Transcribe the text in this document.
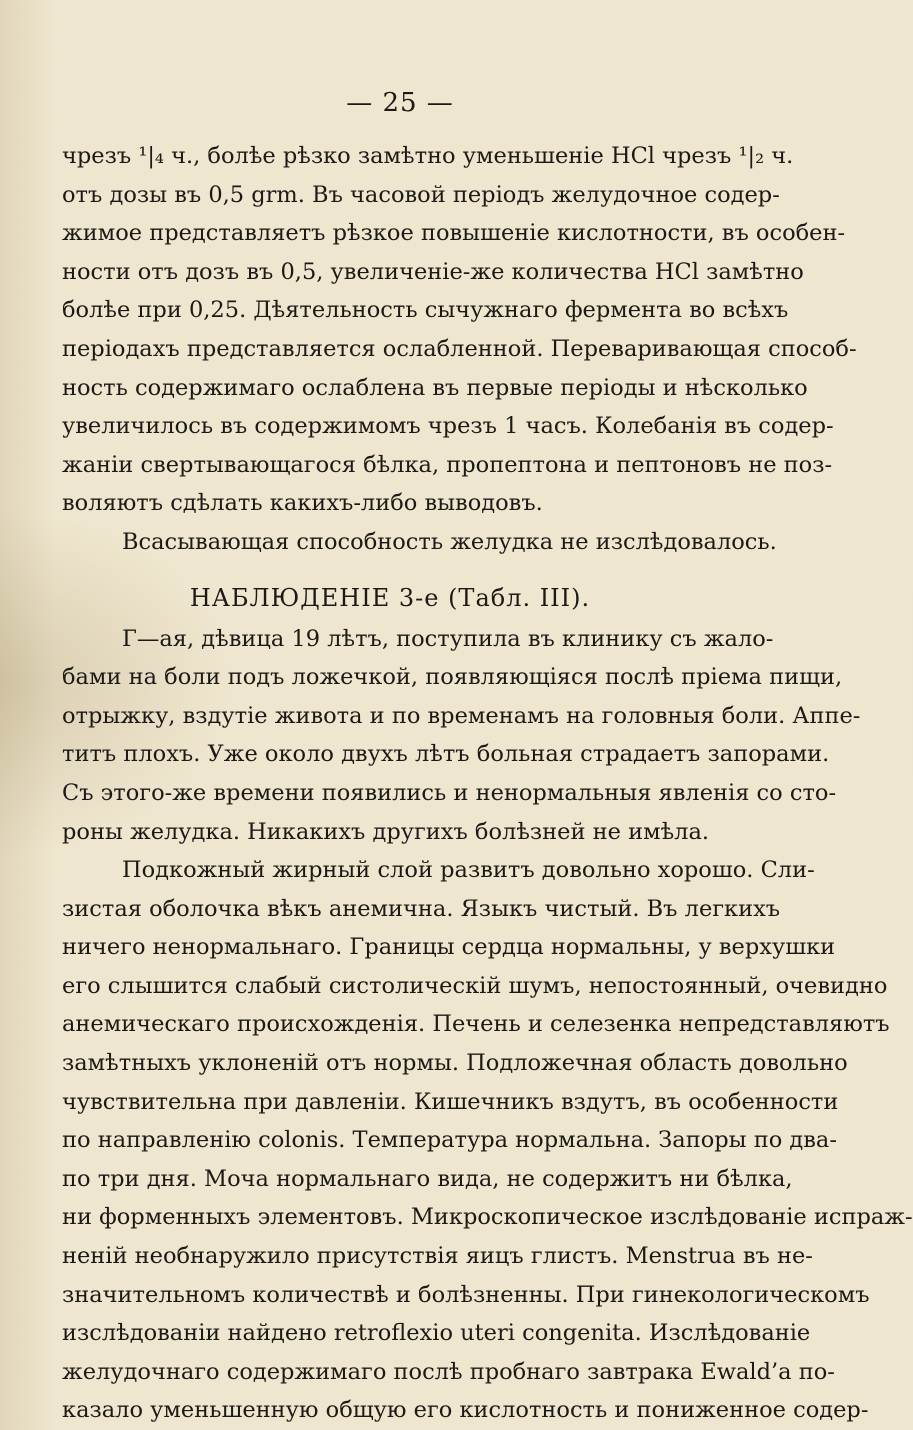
— 25 —
чрезъ ¹|₄ ч., болѣе рѣзко замѣтно уменьшеніе НСl чрезъ ¹|₂ ч.
отъ дозы въ 0,5 grm. Въ часовой періодъ желудочное содер-
жимое представляетъ рѣзкое повышеніе кислотности, въ особен-
ности отъ дозъ въ 0,5, увеличеніе-же количества НСl замѣтно
болѣе при 0,25. Дѣятельность сычужнаго фермента во всѣхъ
періодахъ представляется ослабленной. Переваривающая способ-
ность содержимаго ослаблена въ первые періоды и нѣсколько
увеличилось въ содержимомъ чрезъ 1 часъ. Колебанія въ содер-
жаніи свертывающагося бѣлка, пропептона и пептоновъ не поз-
воляютъ сдѣлать какихъ-либо выводовъ.
Всасывающая способность желудка не изслѣдовалось.
НАБЛЮДЕНІЕ 3-е (Табл. III).
Г—ая, дѣвица 19 лѣтъ, поступила въ клинику съ жало-
бами на боли подъ ложечкой, появляющіяся послѣ пріема пищи,
отрыжку, вздутіе живота и по временамъ на головныя боли. Аппе-
титъ плохъ. Уже около двухъ лѣтъ больная страдаетъ запорами.
Съ этого-же времени появились и ненормальныя явленія со сто-
роны желудка. Никакихъ другихъ болѣзней не имѣла.
Подкожный жирный слой развитъ довольно хорошо. Сли-
зистая оболочка вѣкъ анемична. Языкъ чистый. Въ легкихъ
ничего ненормальнаго. Границы сердца нормальны, у верхушки
его слышится слабый систолическій шумъ, непостоянный, очевидно
анемическаго происхожденія. Печень и селезенка непредставляютъ
замѣтныхъ уклоненій отъ нормы. Подложечная область довольно
чувствительна при давленіи. Кишечникъ вздутъ, въ особенности
по направленію coloniѕ. Температура нормальна. Запоры по два-
по три дня. Моча нормальнаго вида, не содержитъ ни бѣлка,
ни форменныхъ элементовъ. Микроскопическое изслѣдованіе испраж-
неній необнаружило присутствія яицъ глистъ. Menstrua въ не-
значительномъ количествѣ и болѣзненны. При гинекологическомъ
изслѣдованіи найдено retroflexio uteri congenita. Изслѣдованіе
желудочнаго содержимаго послѣ пробнаго завтрака Ewald’a по-
казало уменьшенную общую его кислотность и пониженное содер-
